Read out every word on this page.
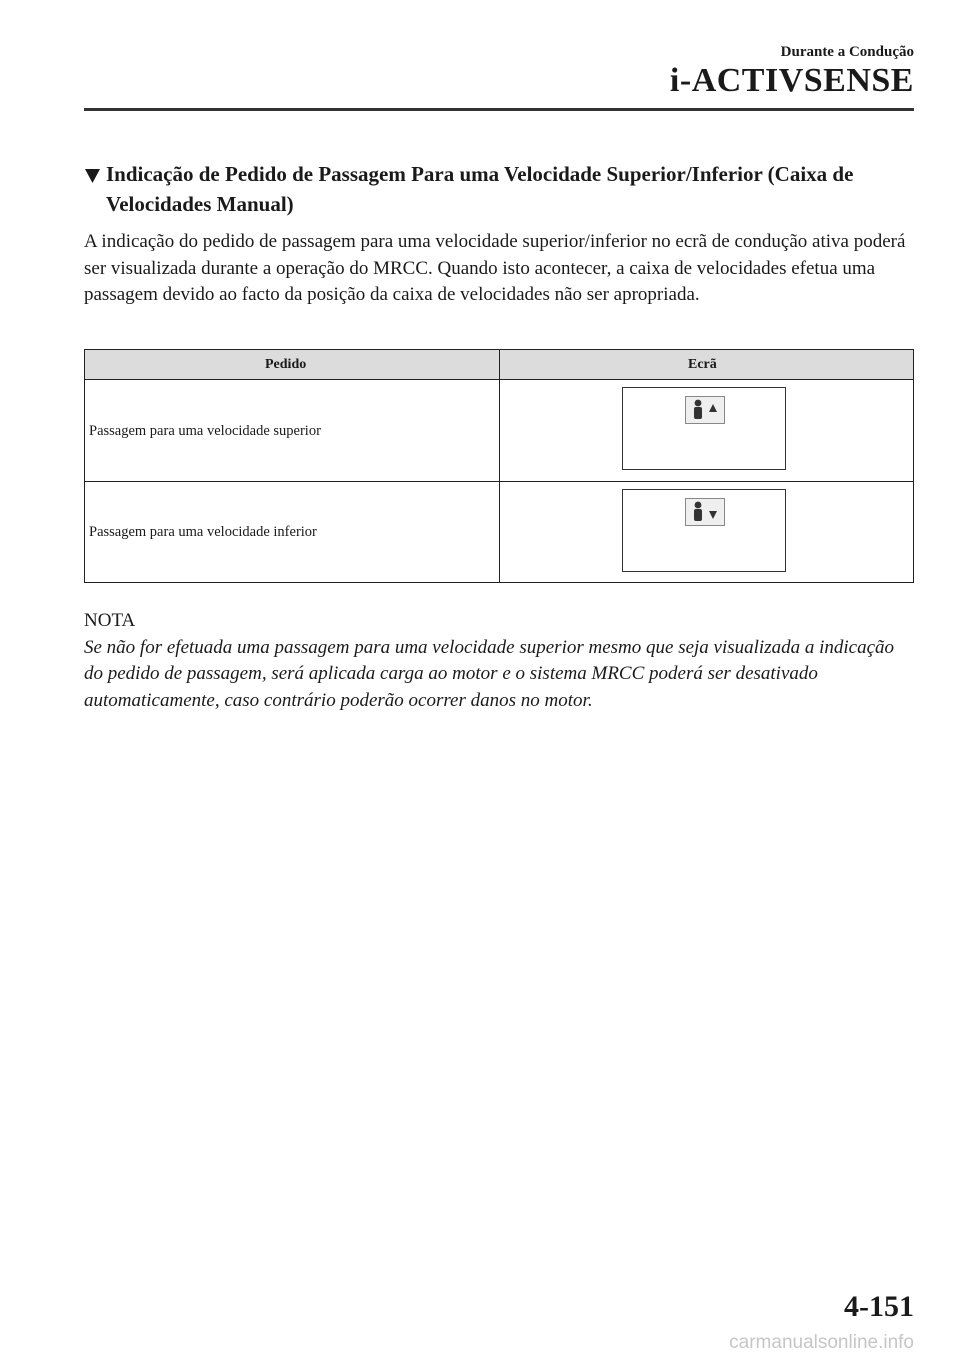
Durante a Condução
i-ACTIVSENSE
Indicação de Pedido de Passagem Para uma Velocidade Superior/Inferior (Caixa de Velocidades Manual)
A indicação do pedido de passagem para uma velocidade superior/inferior no ecrã de condução ativa poderá ser visualizada durante a operação do MRCC. Quando isto acontecer, a caixa de velocidades efetua uma passagem devido ao facto da posição da caixa de velocidades não ser apropriada.
Pedido	Ecrã
Passagem para uma velocidade superior
Passagem para uma velocidade inferior
NOTA
Se não for efetuada uma passagem para uma velocidade superior mesmo que seja visualizada a indicação do pedido de passagem, será aplicada carga ao motor e o sistema MRCC poderá ser desativado automaticamente, caso contrário poderão ocorrer danos no motor.
4-151
carmanualsonline.info
